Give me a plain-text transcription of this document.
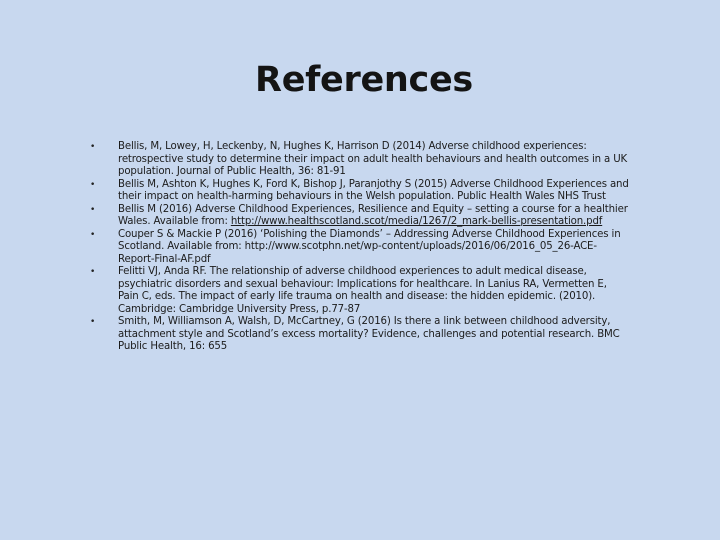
References
• Bellis, M, Lowey, H, Leckenby, N, Hughes K, Harrison D (2014) Adverse childhood experiences: retrospective study to determine their impact on adult health behaviours and health outcomes in a UK population. Journal of Public Health, 36: 81-91
• Bellis M, Ashton K, Hughes K, Ford K, Bishop J, Paranjothy S (2015) Adverse Childhood Experiences and their impact on health-harming behaviours in the Welsh population. Public Health Wales NHS Trust
• Bellis M (2016) Adverse Childhood Experiences, Resilience and Equity – setting a course for a healthier Wales. Available from: http://www.healthscotland.scot/media/1267/2_mark-bellis-presentation.pdf
• Couper S & Mackie P (2016) ‘Polishing the Diamonds’ – Addressing Adverse Childhood Experiences in Scotland. Available from: http://www.scotphn.net/wp-content/uploads/2016/06/2016_05_26-ACE-Report-Final-AF.pdf
• Felitti VJ, Anda RF. The relationship of adverse childhood experiences to adult medical disease, psychiatric disorders and sexual behaviour: Implications for healthcare. In Lanius RA, Vermetten E, Pain C, eds. The impact of early life trauma on health and disease: the hidden epidemic. (2010). Cambridge: Cambridge University Press, p.77-87
• Smith, M, Williamson A, Walsh, D, McCartney, G (2016) Is there a link between childhood adversity, attachment style and Scotland’s excess mortality? Evidence, challenges and potential research. BMC Public Health, 16: 655
